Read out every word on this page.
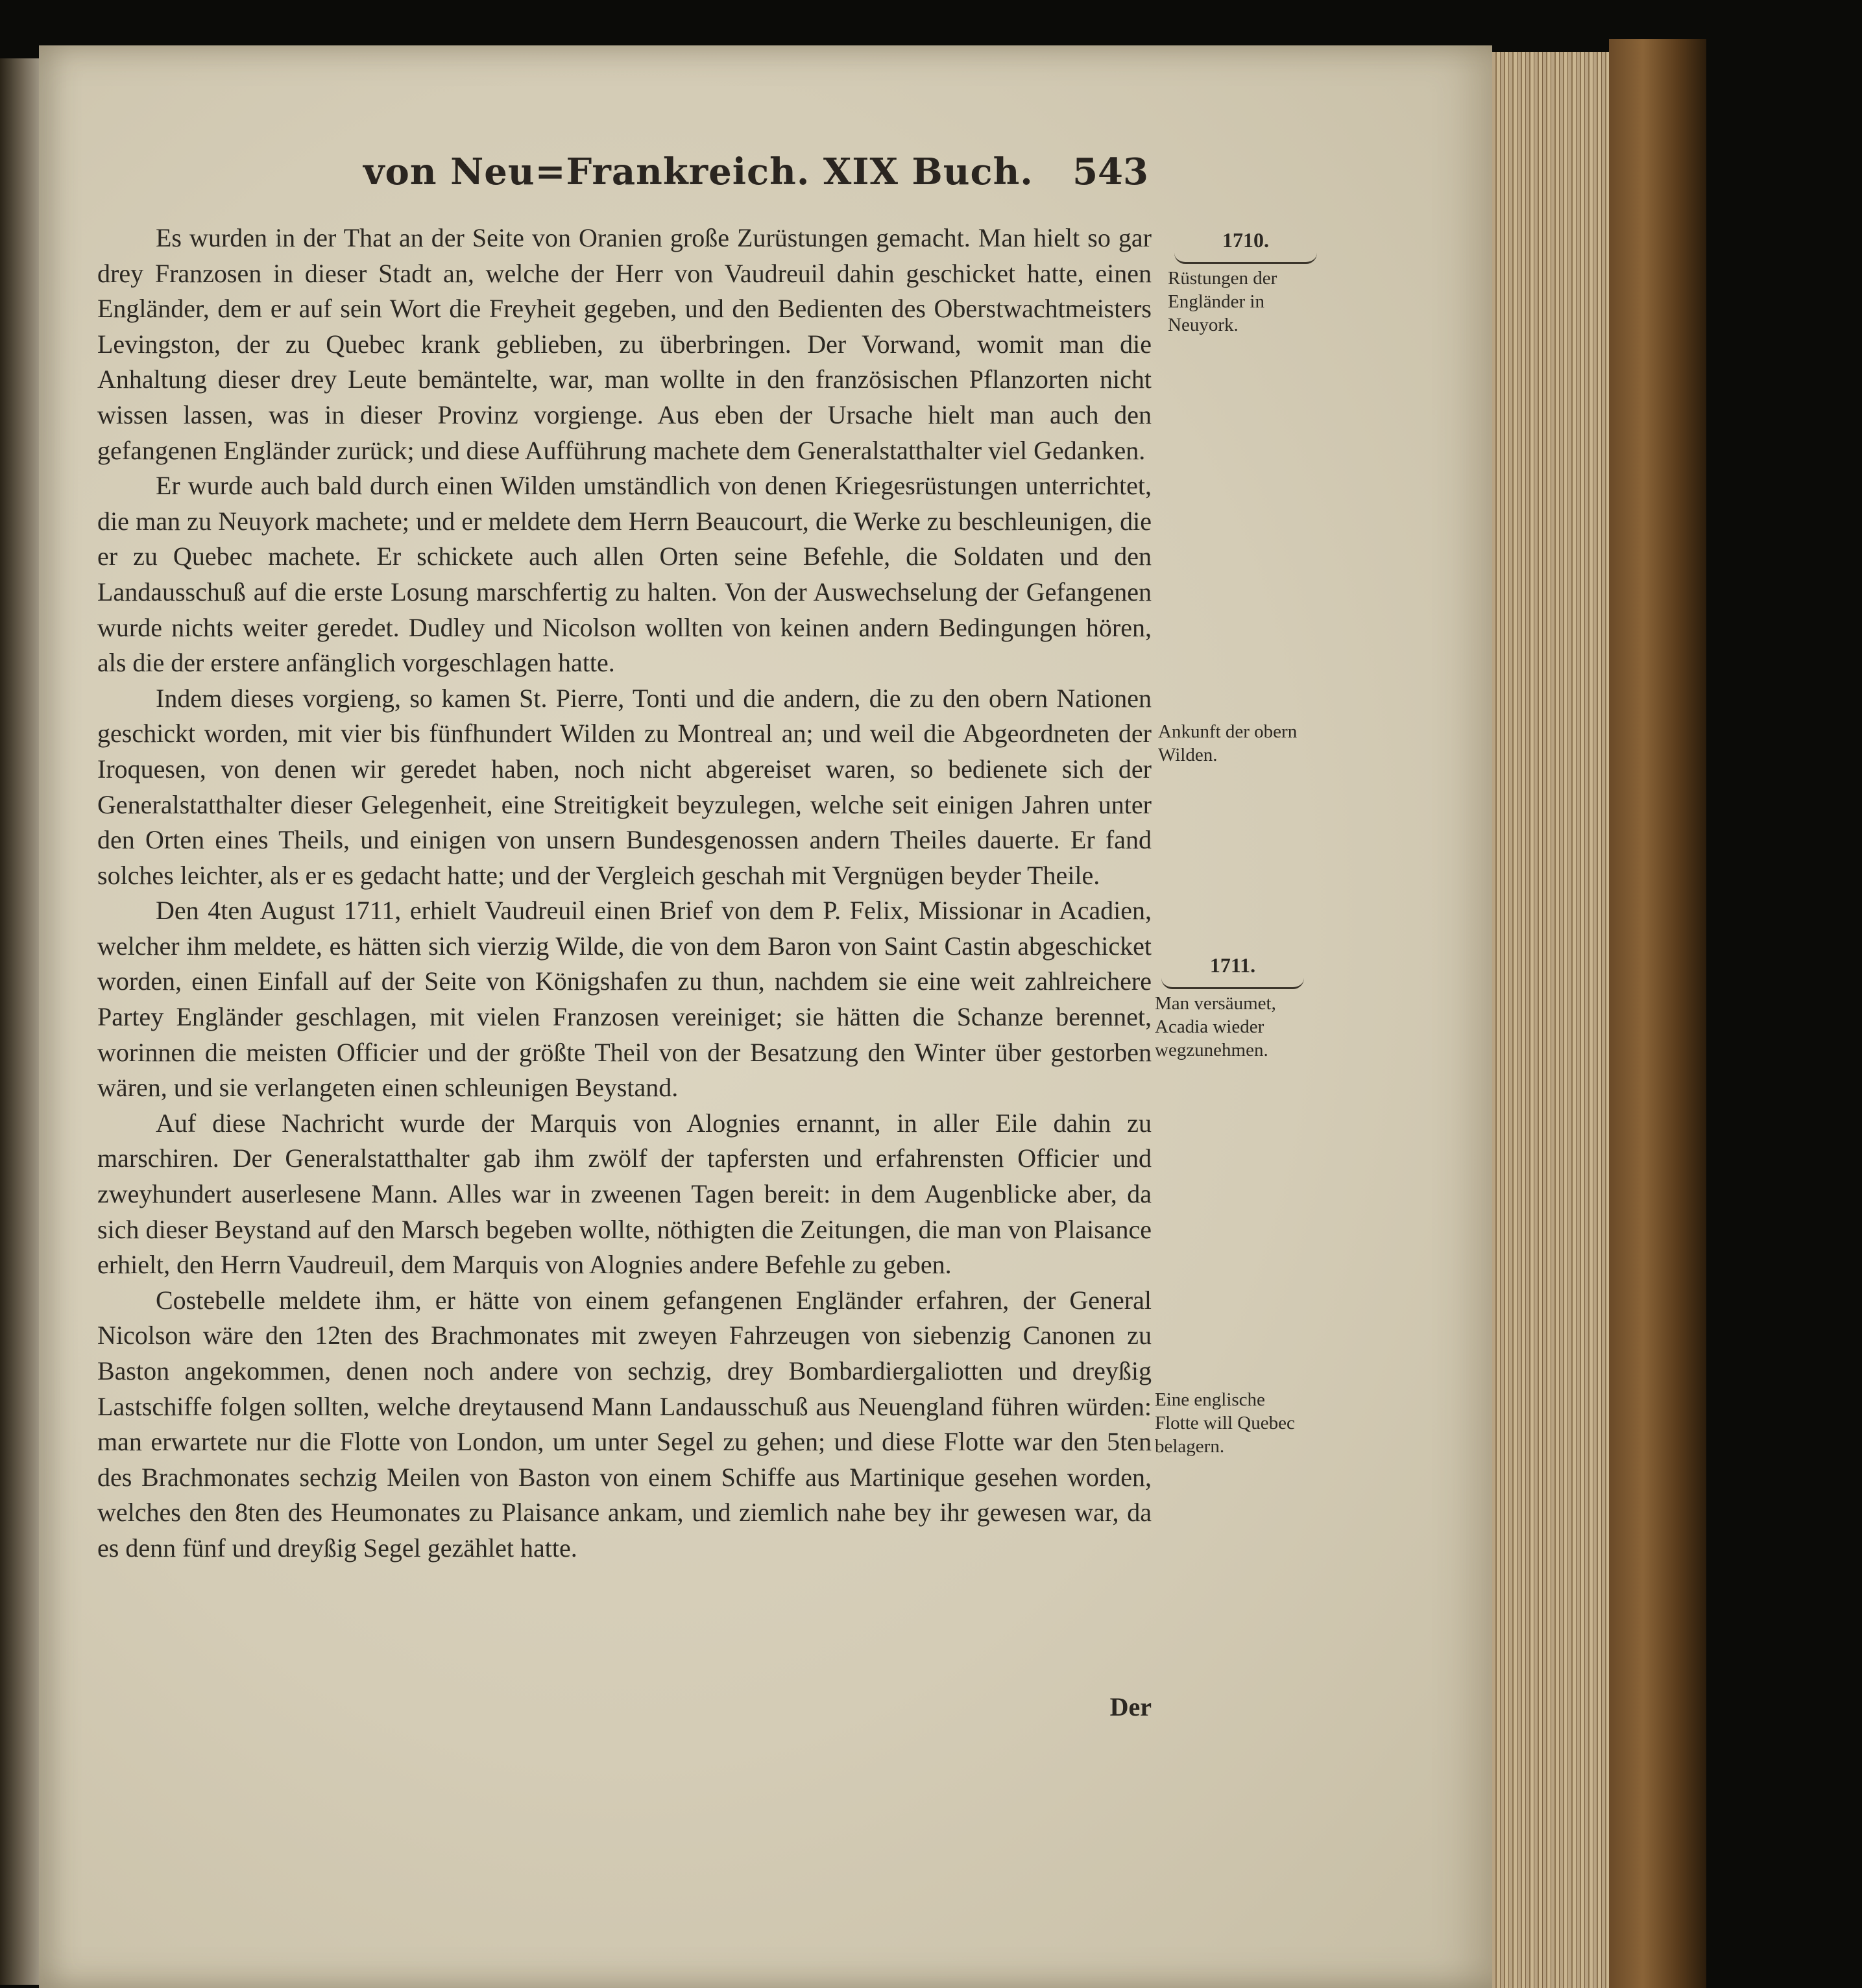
von Neu=Frankreich. XIX Buch. 543

Es wurden in der That an der Seite von Oranien große Zurüstungen gemacht. Man hielt so gar drey Franzosen in dieser Stadt an, welche der Herr von Vaudreuil dahin geschicket hatte, einen Engländer, dem er auf sein Wort die Freyheit gegeben, und den Bedienten des Oberstwachtmeisters Levingston, der zu Quebec krank geblieben, zu überbringen. Der Vorwand, womit man die Anhaltung dieser drey Leute bemäntelte, war, man wollte in den französischen Pflanzorten nicht wissen lassen, was in dieser Provinz vorgienge. Aus eben der Ursache hielt man auch den gefangenen Engländer zurück; und diese Aufführung machete dem Generalstatthalter viel Gedanken.

Er wurde auch bald durch einen Wilden umständlich von denen Kriegesrüstungen unterrichtet, die man zu Neuyork machete; und er meldete dem Herrn Beaucourt, die Werke zu beschleunigen, die er zu Quebec machete. Er schickete auch allen Orten seine Befehle, die Soldaten und den Landausschuß auf die erste Losung marschfertig zu halten. Von der Auswechselung der Gefangenen wurde nichts weiter geredet. Dudley und Nicolson wollten von keinen andern Bedingungen hören, als die der erstere anfänglich vorgeschlagen hatte.

Indem dieses vorgieng, so kamen St. Pierre, Tonti und die andern, die zu den obern Nationen geschickt worden, mit vier bis fünfhundert Wilden zu Montreal an; und weil die Abgeordneten der Iroquesen, von denen wir geredet haben, noch nicht abgereiset waren, so bedienete sich der Generalstatthalter dieser Gelegenheit, eine Streitigkeit beyzulegen, welche seit einigen Jahren unter den Orten eines Theils, und einigen von unsern Bundesgenossen andern Theiles dauerte. Er fand solches leichter, als er es gedacht hatte; und der Vergleich geschah mit Vergnügen beyder Theile.

Den 4ten August 1711, erhielt Vaudreuil einen Brief von dem P. Felix, Missionar in Acadien, welcher ihm meldete, es hätten sich vierzig Wilde, die von dem Baron von Saint Castin abgeschicket worden, einen Einfall auf der Seite von Königshafen zu thun, nachdem sie eine weit zahlreichere Partey Engländer geschlagen, mit vielen Franzosen vereiniget; sie hätten die Schanze berennet, worinnen die meisten Officier und der größte Theil von der Besatzung den Winter über gestorben wären, und sie verlangeten einen schleunigen Beystand.

Auf diese Nachricht wurde der Marquis von Alognies ernannt, in aller Eile dahin zu marschiren. Der Generalstatthalter gab ihm zwölf der tapfersten und erfahrensten Officier und zweyhundert auserlesene Mann. Alles war in zweenen Tagen bereit: in dem Augenblicke aber, da sich dieser Beystand auf den Marsch begeben wollte, nöthigten die Zeitungen, die man von Plaisance erhielt, den Herrn Vaudreuil, dem Marquis von Alognies andere Befehle zu geben.

Costebelle meldete ihm, er hätte von einem gefangenen Engländer erfahren, der General Nicolson wäre den 12ten des Brachmonates mit zweyen Fahrzeugen von siebenzig Canonen zu Baston angekommen, denen noch andere von sechzig, drey Bombardiergaliotten und dreyßig Lastschiffe folgen sollten, welche dreytausend Mann Landausschuß aus Neuengland führen würden: man erwartete nur die Flotte von London, um unter Segel zu gehen; und diese Flotte war den 5ten des Brachmonates sechzig Meilen von Baston von einem Schiffe aus Martinique gesehen worden, welches den 8ten des Heumonates zu Plaisance ankam, und ziemlich nahe bey ihr gewesen war, da es denn fünf und dreyßig Segel gezählet hatte.

Der
1710.
Rüstungen der Engländer in Neuyork.
Ankunft der obern Wilden.
1711.
Man versäumet, Acadia wieder wegzunehmen.
Eine englische Flotte will Quebec belagern.
